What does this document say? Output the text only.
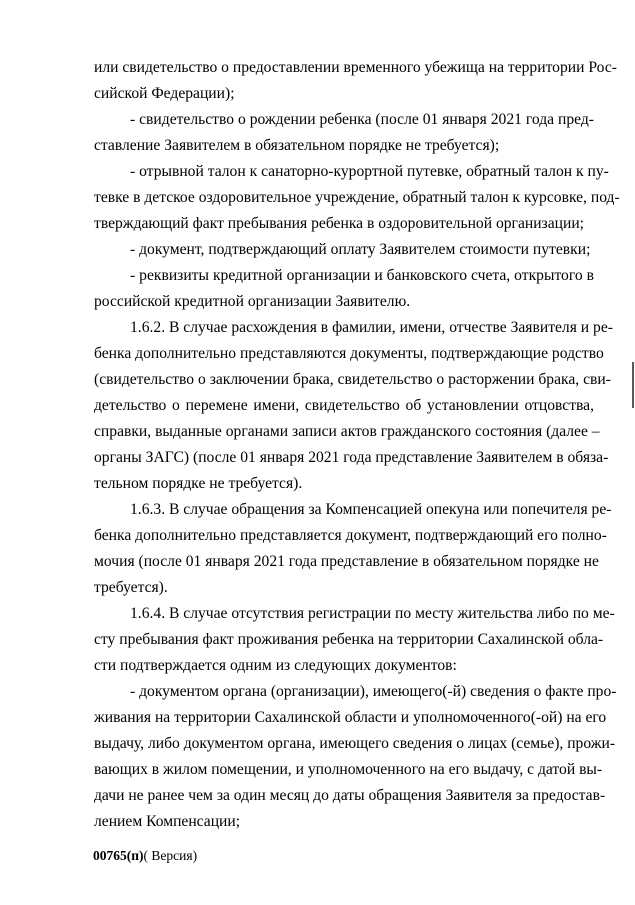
или свидетельство о предоставлении временного убежища на территории Рос-
сийской Федерации);
- свидетельство о рождении ребенка (после 01 января 2021 года пред-
ставление Заявителем в обязательном порядке не требуется);
- отрывной талон к санаторно-курортной путевке, обратный талон к пу-
тевке в детское оздоровительное учреждение, обратный талон к курсовке, под-
тверждающий факт пребывания ребенка в оздоровительной организации;
- документ, подтверждающий оплату Заявителем стоимости путевки;
- реквизиты кредитной организации и банковского счета, открытого в
российской кредитной организации Заявителю.
1.6.2. В случае расхождения в фамилии, имени, отчестве Заявителя и ре-
бенка дополнительно представляются документы, подтверждающие родство
(свидетельство о заключении брака, свидетельство о расторжении брака, сви-
детельство о перемене имени, свидетельство об установлении отцовства,
справки, выданные органами записи актов гражданского состояния (далее –
органы ЗАГС) (после 01 января 2021 года представление Заявителем в обяза-
тельном порядке не требуется).
1.6.3. В случае обращения за Компенсацией опекуна или попечителя ре-
бенка дополнительно представляется документ, подтверждающий его полно-
мочия (после 01 января 2021 года представление в обязательном порядке не
требуется).
1.6.4. В случае отсутствия регистрации по месту жительства либо по ме-
сту пребывания факт проживания ребенка на территории Сахалинской обла-
сти подтверждается одним из следующих документов:
- документом органа (организации), имеющего(-й) сведения о факте про-
живания на территории Сахалинской области и уполномоченного(-ой) на его
выдачу, либо документом органа, имеющего сведения о лицах (семье), прожи-
вающих в жилом помещении, и уполномоченного на его выдачу, с датой вы-
дачи не ранее чем за один месяц до даты обращения Заявителя за предостав-
лением Компенсации;
00765(п)( Версия)
